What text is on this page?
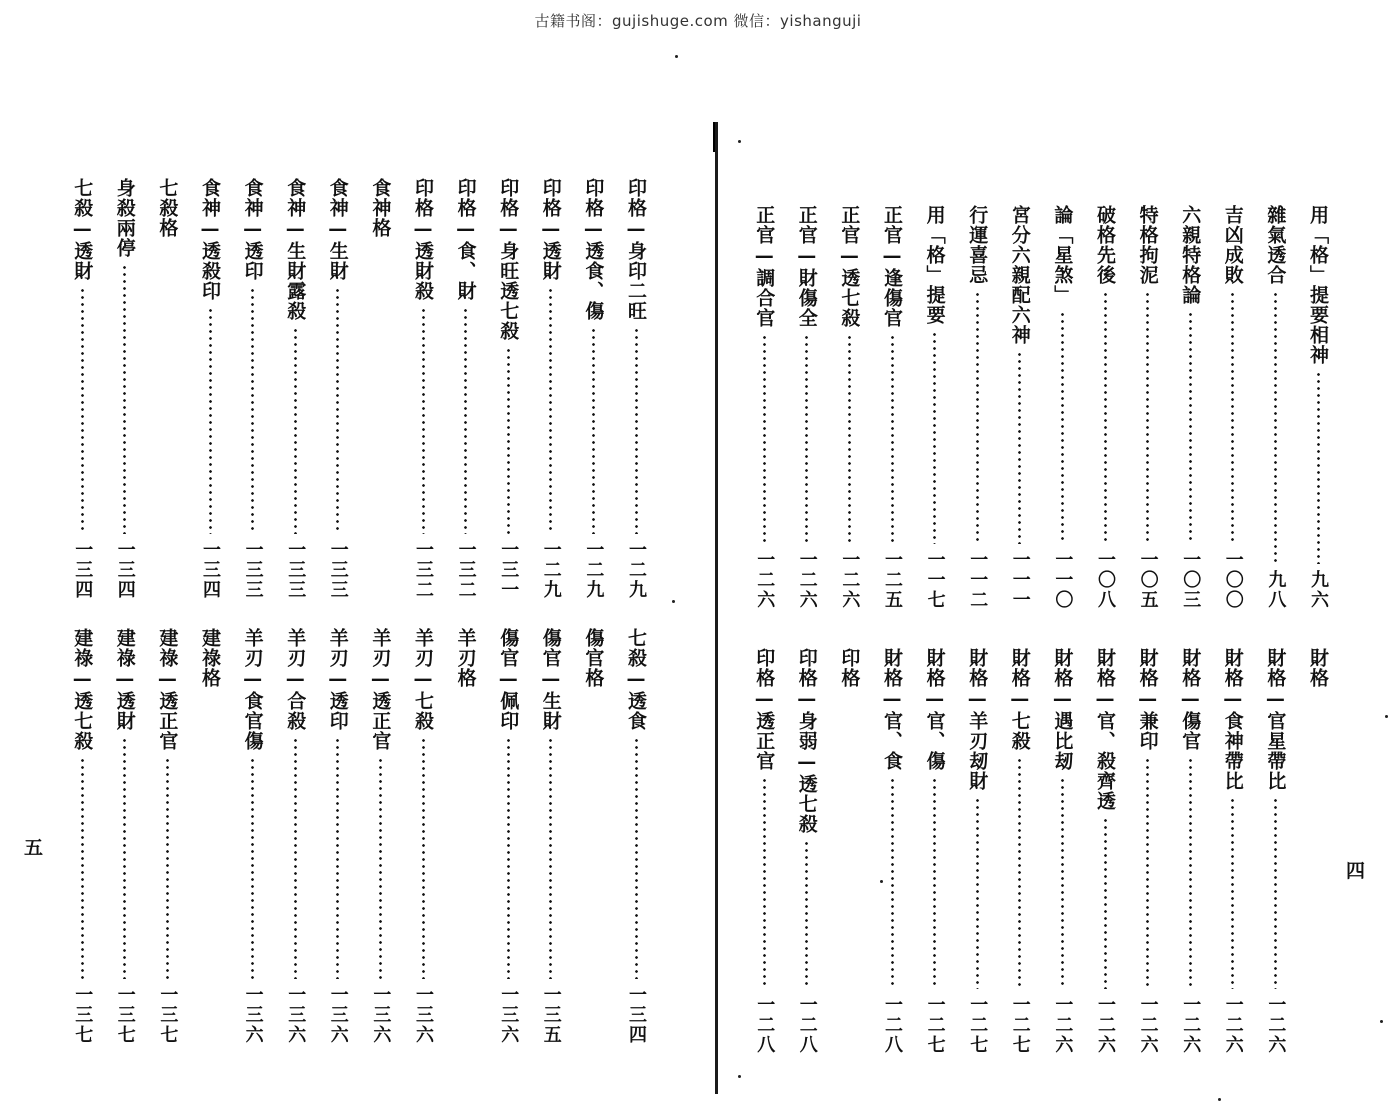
古籍书阁：gujishuge.com 微信：yishanguji
四
五
用「格」提要相神
九六
雜氣透合
九八
吉凶成敗
一〇〇
六親特格論
一〇三
特格拘泥
一〇五
破格先後
一〇八
論「星煞」
一一〇
宮分六親配六神
一一一
行運喜忌
一一二
用「格」提要
一一七
正官—逢傷官
一二五
正官—透七殺
一二六
正官—財傷全
一二六
正官—調合官
一二六
財格
財格—官星帶比
一二六
財格—食神帶比
一二六
財格—傷官
一二六
財格—兼印
一二六
財格—官、殺齊透
一二六
財格—遇比刼
一二六
財格—七殺
一二七
財格—羊刃刼財
一二七
財格—官、傷
一二七
財格—官、食
一二八
印格
印格—身弱—透七殺
一二八
印格—透正官
一二八
印格—身印二旺
一二九
印格—透食、傷
一二九
印格—透財
一二九
印格—身旺透七殺
一三一
印格—食、財
一三二
印格—透財殺
一三二
食神格
食神—生財
一三三
食神—生財露殺
一三三
食神—透印
一三三
食神—透殺印
一三四
七殺格
身殺兩停
一三四
七殺—透財
一三四
七殺—透食
一三四
傷官格
傷官—生財
一三五
傷官—佩印
一三六
羊刃格
羊刃—七殺
一三六
羊刃—透正官
一三六
羊刃—透印
一三六
羊刃—合殺
一三六
羊刃—食官傷
一三六
建祿格
建祿—透正官
一三七
建祿—透財
一三七
建祿—透七殺
一三七
